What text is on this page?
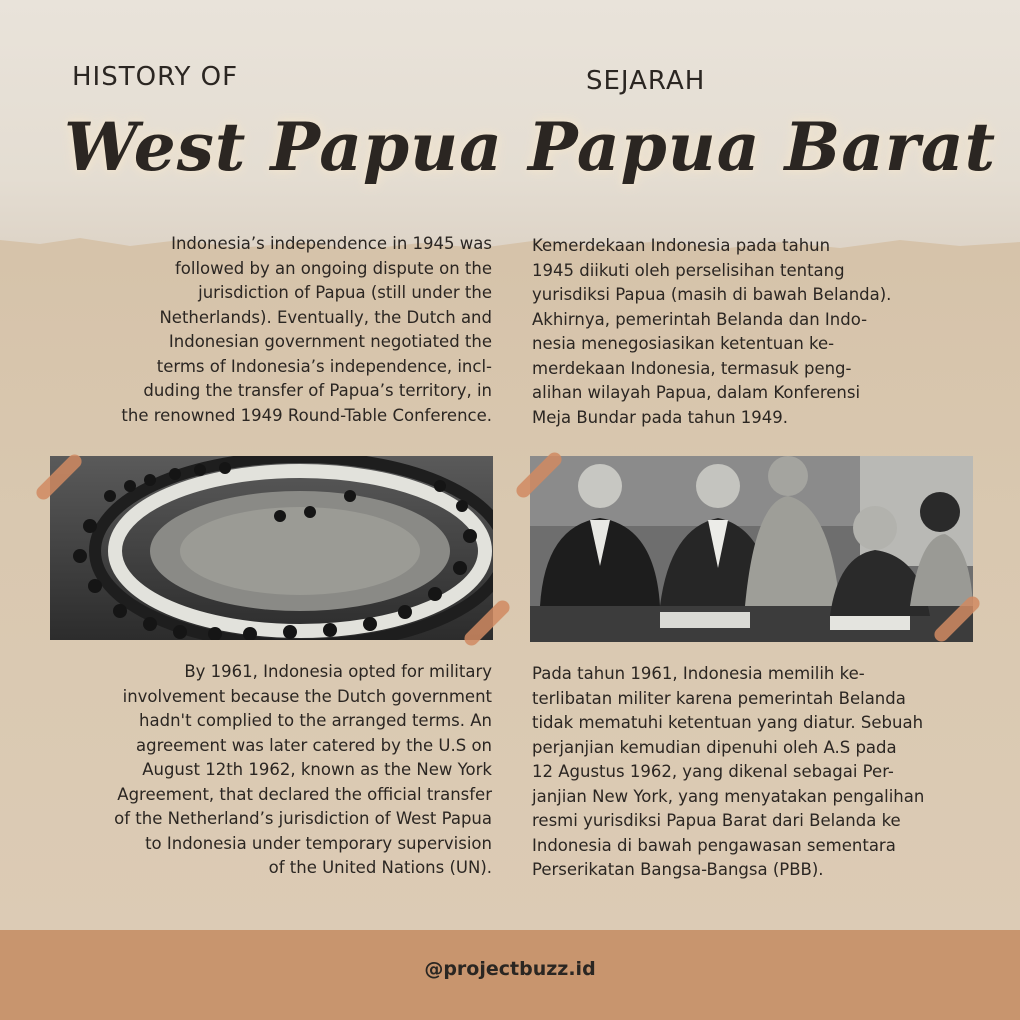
HISTORY OF
West Papua
SEJARAH
Papua Barat
Indonesia’s independence in 1945 was
followed by an ongoing dispute on the
jurisdiction of Papua (still under the
Netherlands). Eventually, the Dutch and
Indonesian government negotiated the
terms of Indonesia’s independence, incl-
duding the transfer of Papua’s territory, in
the renowned 1949 Round-Table Conference.
Kemerdekaan Indonesia pada tahun
1945 diikuti oleh perselisihan tentang
yurisdiksi Papua (masih di bawah Belanda).
Akhirnya, pemerintah Belanda dan Indo-
nesia menegosiasikan ketentuan ke-
merdekaan Indonesia, termasuk peng-
alihan wilayah Papua, dalam Konferensi
Meja Bundar pada tahun 1949.
By 1961, Indonesia opted for military
involvement because the Dutch government
hadn't complied to the arranged terms. An
agreement was later catered by the U.S on
August 12th 1962, known as the New York
Agreement, that declared the official transfer
of the Netherland’s jurisdiction of West Papua
to Indonesia under temporary supervision
of the United Nations (UN).
Pada tahun 1961, Indonesia memilih ke-
terlibatan militer karena pemerintah Belanda
tidak mematuhi ketentuan yang diatur. Sebuah
perjanjian kemudian dipenuhi oleh A.S pada
12 Agustus 1962, yang dikenal sebagai Per-
janjian New York, yang menyatakan pengalihan
resmi yurisdiksi Papua Barat dari Belanda ke
Indonesia di bawah pengawasan sementara
Perserikatan Bangsa-Bangsa (PBB).
@projectbuzz.id
